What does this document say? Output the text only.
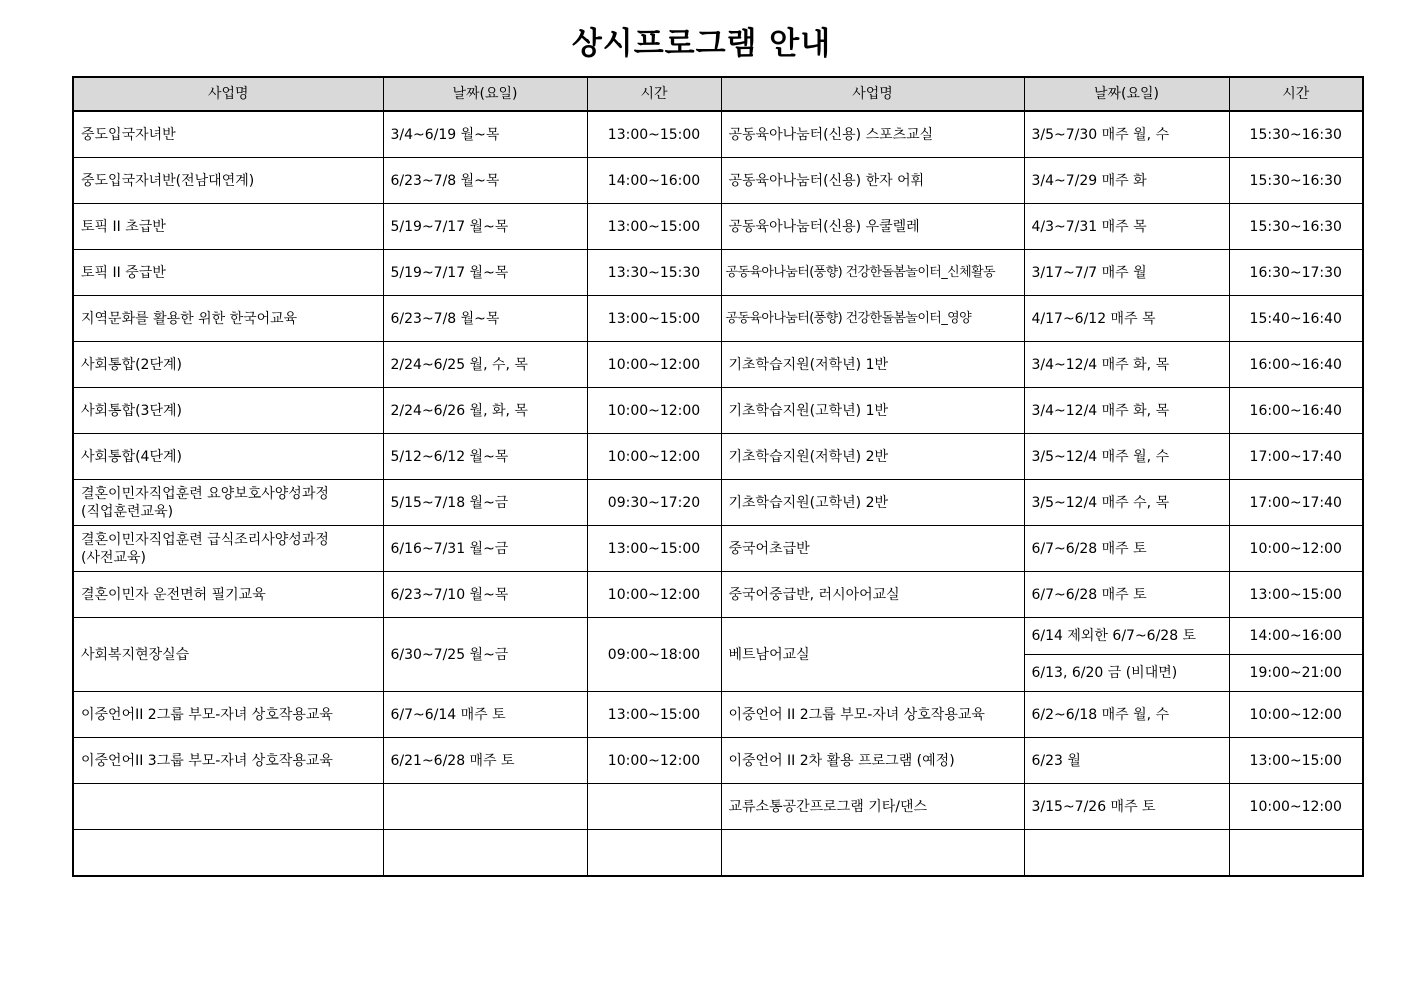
상시프로그램 안내
사업명	날짜(요일)	시간	사업명	날짜(요일)	시간
중도입국자녀반	3/4~6/19 월~목	13:00~15:00	공동육아나눔터(신용) 스포츠교실	3/5~7/30 매주 월, 수	15:30~16:30
중도입국자녀반(전남대연계)	6/23~7/8 월~목	14:00~16:00	공동육아나눔터(신용) 한자 어휘	3/4~7/29 매주 화	15:30~16:30
토픽 II 초급반	5/19~7/17 월~목	13:00~15:00	공동육아나눔터(신용) 우쿨렐레	4/3~7/31 매주 목	15:30~16:30
토픽 II 중급반	5/19~7/17 월~목	13:30~15:30	공동육아나눔터(풍향) 건강한돌봄놀이터_신체활동	3/17~7/7 매주 월	16:30~17:30
지역문화를 활용한 위한 한국어교육	6/23~7/8 월~목	13:00~15:00	공동육아나눔터(풍향) 건강한돌봄놀이터_영양	4/17~6/12 매주 목	15:40~16:40
사회통합(2단계)	2/24~6/25 월, 수, 목	10:00~12:00	기초학습지원(저학년) 1반	3/4~12/4 매주 화, 목	16:00~16:40
사회통합(3단계)	2/24~6/26 월, 화, 목	10:00~12:00	기초학습지원(고학년) 1반	3/4~12/4 매주 화, 목	16:00~16:40
사회통합(4단계)	5/12~6/12 월~목	10:00~12:00	기초학습지원(저학년) 2반	3/5~12/4 매주 월, 수	17:00~17:40
결혼이민자직업훈련 요양보호사양성과정
(직업훈련교육)	5/15~7/18 월~금	09:30~17:20	기초학습지원(고학년) 2반	3/5~12/4 매주 수, 목	17:00~17:40
결혼이민자직업훈련 급식조리사양성과정
(사전교육)	6/16~7/31 월~금	13:00~15:00	중국어초급반	6/7~6/28 매주 토	10:00~12:00
결혼이민자 운전면허 필기교육	6/23~7/10 월~목	10:00~12:00	중국어중급반, 러시아어교실	6/7~6/28 매주 토	13:00~15:00
사회복지현장실습	6/30~7/25 월~금	09:00~18:00	베트남어교실	6/14 제외한 6/7~6/28 토	14:00~16:00
				6/13, 6/20 금 (비대면)	19:00~21:00
이중언어II 2그룹 부모-자녀 상호작용교육	6/7~6/14 매주 토	13:00~15:00	이중언어 II 2그룹 부모-자녀 상호작용교육	6/2~6/18 매주 월, 수	10:00~12:00
이중언어II 3그룹 부모-자녀 상호작용교육	6/21~6/28 매주 토	10:00~12:00	이중언어 II 2차 활용 프로그램 (예정)	6/23 월	13:00~15:00
			교류소통공간프로그램 기타/댄스	3/15~7/26 매주 토	10:00~12:00
